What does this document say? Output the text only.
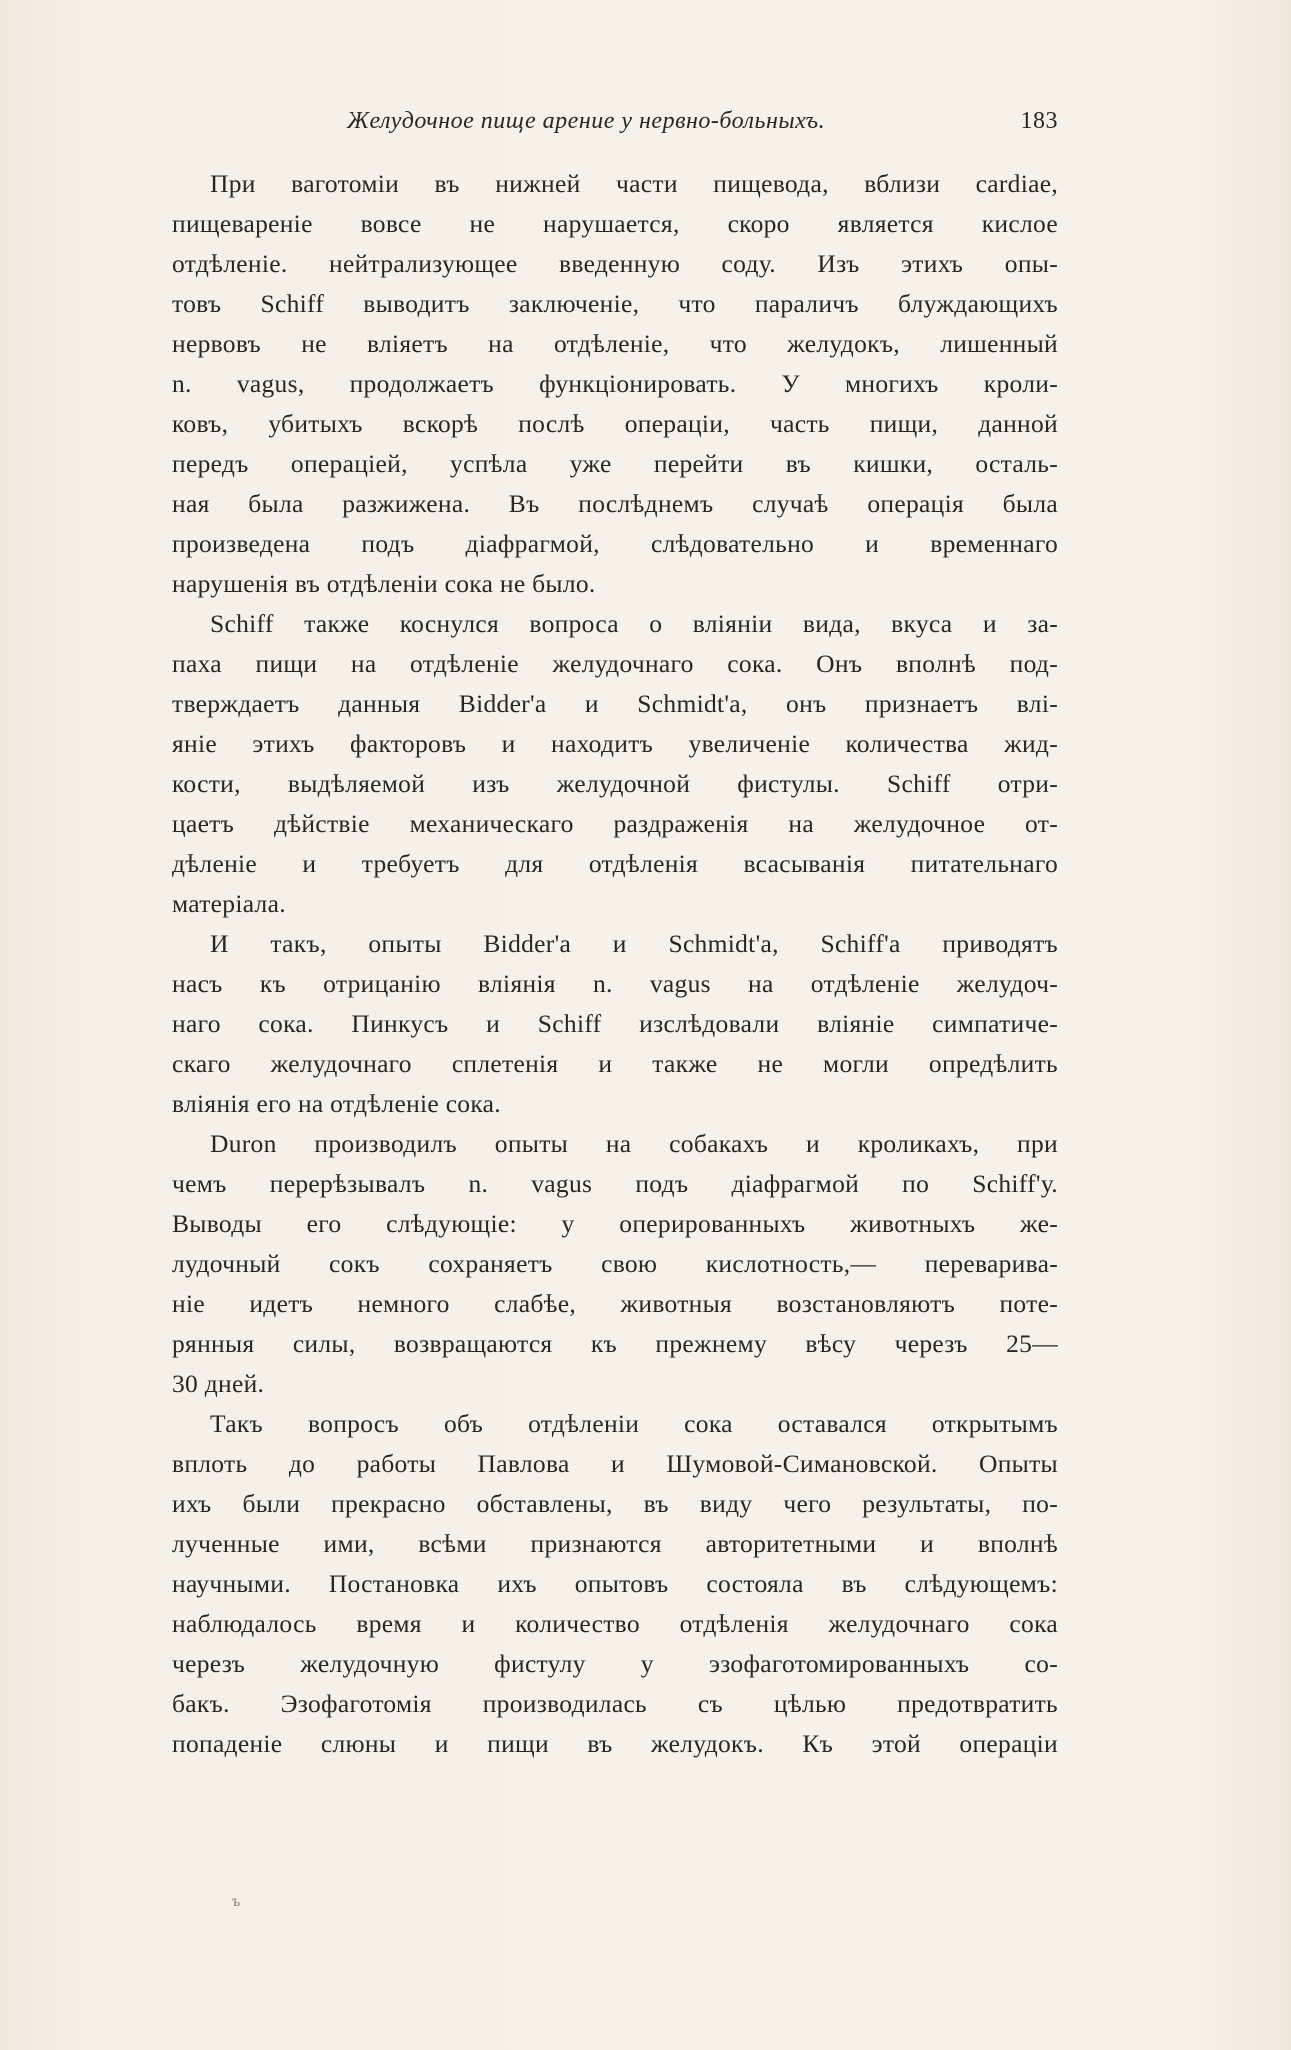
Желудочное пище арение у нервно-больныхъ.	183
При ваготоміи въ нижней части пищевода, вблизи cardiae,
пищевареніе вовсе не нарушается, скоро является кислое
отдѣленіе. нейтрализующее введенную соду. Изъ этихъ опы-
товъ Schiff выводитъ заключеніе, что параличъ блуждающихъ
нервовъ не вліяетъ на отдѣленіе, что желудокъ, лишенный
n. vagus, продолжаетъ функціонировать. У многихъ кроли-
ковъ, убитыхъ вскорѣ послѣ операціи, часть пищи, данной
передъ операціей, успѣла уже перейти въ кишки, осталь-
ная была разжижена. Въ послѣднемъ случаѣ операція была
произведена подъ діафрагмой, слѣдовательно и временнаго
нарушенія въ отдѣленіи сока не было.
Schiff также коснулся вопроса о вліяніи вида, вкуса и за-
паха пищи на отдѣленіе желудочнаго сока. Онъ вполнѣ под-
тверждаетъ данныя Bidder'a и Schmidt'a, онъ признаетъ влі-
яніе этихъ факторовъ и находитъ увеличеніе количества жид-
кости, выдѣляемой изъ желудочной фистулы. Schiff отри-
цаетъ дѣйствіе механическаго раздраженія на желудочное от-
дѣленіе и требуетъ для отдѣленія всасыванія питательнаго
матеріала.
И такъ, опыты Bidder'a и Schmidt'a, Schiff'a приводятъ
насъ къ отрицанію вліянія n. vagus на отдѣленіе желудоч-
наго сока. Пинкусъ и Schiff изслѣдовали вліяніе симпатиче-
скаго желудочнаго сплетенія и также не могли опредѣлить
вліянія его на отдѣленіе сока.
Duron производилъ опыты на собакахъ и кроликахъ, при
чемъ перерѣзывалъ n. vagus подъ діафрагмой по Schiff'у.
Выводы его слѣдующіе: у оперированныхъ животныхъ же-
лудочный сокъ сохраняетъ свою кислотность,— переварива-
ніе идетъ немного слабѣе, животныя возстановляютъ поте-
рянныя силы, возвращаются къ прежнему вѣсу черезъ 25—
30 дней.
Такъ вопросъ объ отдѣленіи сока оставался открытымъ
вплоть до работы Павлова и Шумовой-Симановской. Опыты
ихъ были прекрасно обставлены, въ виду чего результаты, по-
лученные ими, всѣми признаются авторитетными и вполнѣ
научными. Постановка ихъ опытовъ состояла въ слѣдующемъ:
наблюдалось время и количество отдѣленія желудочнаго сока
черезъ желудочную фистулу у эзофаготомированныхъ со-
бакъ. Эзофаготомія производилась съ цѣлью предотвратить
попаденіе слюны и пищи въ желудокъ. Къ этой операціи
ъ
